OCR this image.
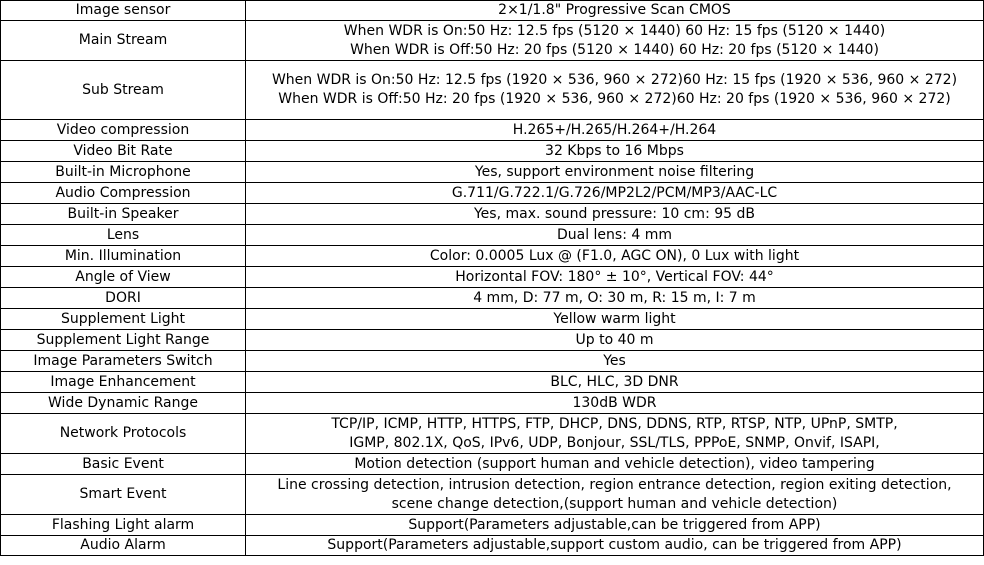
Image sensor	2×1/1.8" Progressive Scan CMOS

Main Stream	When WDR is On:50 Hz: 12.5 fps (5120 × 1440) 60 Hz: 15 fps (5120 × 1440)
When WDR is Off:50 Hz: 20 fps (5120 × 1440) 60 Hz: 20 fps (5120 × 1440)

Sub Stream	When WDR is On:50 Hz: 12.5 fps (1920 × 536, 960 × 272)60 Hz: 15 fps (1920 × 536, 960 × 272)
When WDR is Off:50 Hz: 20 fps (1920 × 536, 960 × 272)60 Hz: 20 fps (1920 × 536, 960 × 272)

Video compression	H.265+/H.265/H.264+/H.264

Video Bit Rate	32 Kbps to 16 Mbps

Built-in Microphone	Yes, support environment noise filtering

Audio Compression	G.711/G.722.1/G.726/MP2L2/PCM/MP3/AAC-LC

Built-in Speaker	Yes, max. sound pressure: 10 cm: 95 dB

Lens	Dual lens: 4 mm

Min. Illumination	Color: 0.0005 Lux @ (F1.0, AGC ON), 0 Lux with light

Angle of View	Horizontal FOV: 180° ± 10°, Vertical FOV: 44°

DORI	4 mm, D: 77 m, O: 30 m, R: 15 m, I: 7 m

Supplement Light	Yellow warm light

Supplement Light Range	Up to 40 m

Image Parameters Switch	Yes

Image Enhancement	BLC, HLC, 3D DNR

Wide Dynamic Range	130dB WDR

Network Protocols	TCP/IP, ICMP, HTTP, HTTPS, FTP, DHCP, DNS, DDNS, RTP, RTSP, NTP, UPnP, SMTP,
IGMP, 802.1X, QoS, IPv6, UDP, Bonjour, SSL/TLS, PPPoE, SNMP, Onvif, ISAPI,

Basic Event	Motion detection (support human and vehicle detection), video tampering

Smart Event	Line crossing detection, intrusion detection, region entrance detection, region exiting detection,
scene change detection,(support human and vehicle detection)

Flashing Light alarm	Support(Parameters adjustable,can be triggered from APP)

Audio Alarm	Support(Parameters adjustable,support custom audio, can be triggered from APP)
